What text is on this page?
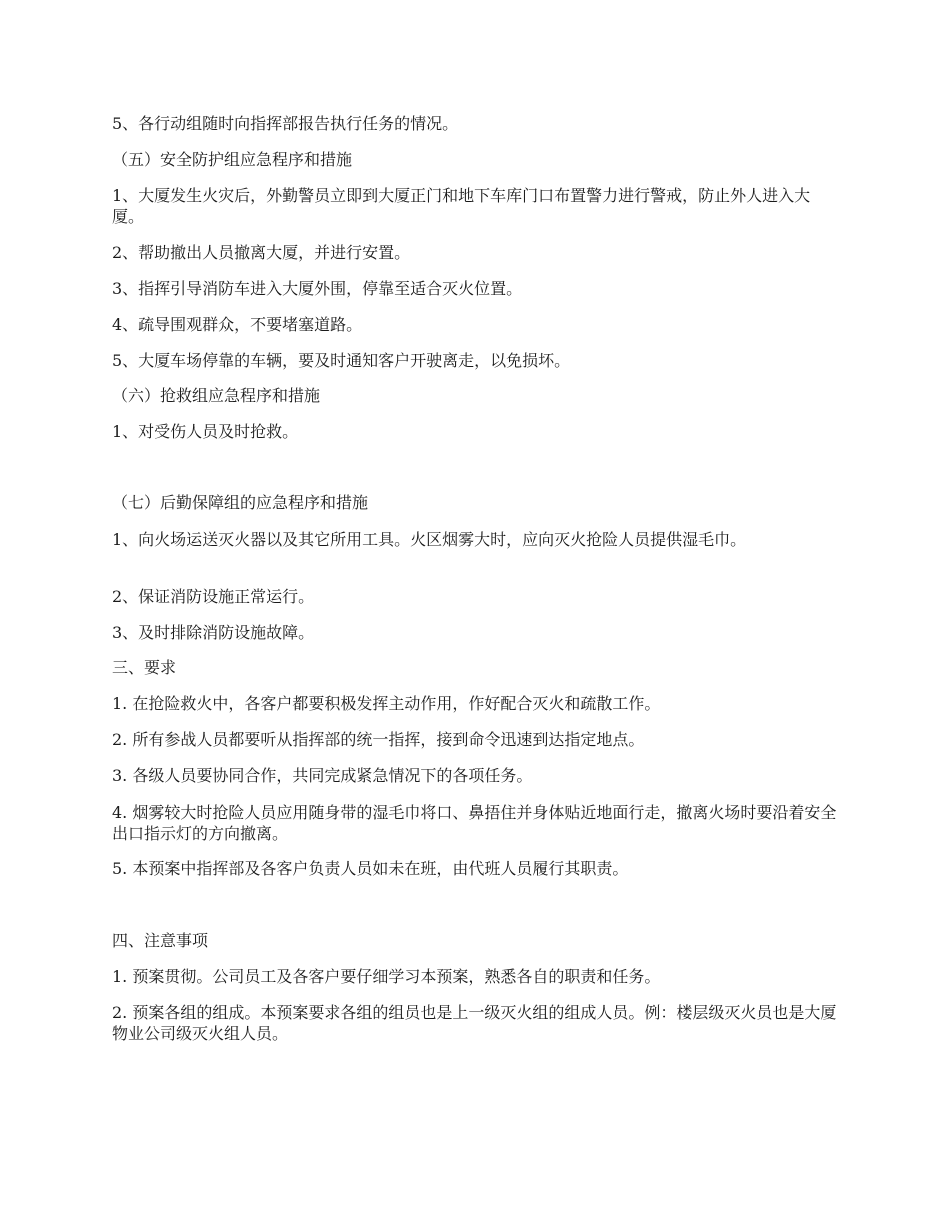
5、各行动组随时向指挥部报告执行任务的情况。

（五）安全防护组应急程序和措施

1、大厦发生火灾后，外勤警员立即到大厦正门和地下车库门口布置警力进行警戒，防止外人进入大厦。

2、帮助撤出人员撤离大厦，并进行安置。

3、指挥引导消防车进入大厦外围，停靠至适合灭火位置。

4、疏导围观群众，不要堵塞道路。

5、大厦车场停靠的车辆，要及时通知客户开驶离走，以免损坏。

（六）抢救组应急程序和措施

1、对受伤人员及时抢救。

（七）后勤保障组的应急程序和措施

1、向火场运送灭火器以及其它所用工具。火区烟雾大时，应向灭火抢险人员提供湿毛巾。

2、保证消防设施正常运行。

3、及时排除消防设施故障。

三、要求

1. 在抢险救火中，各客户都要积极发挥主动作用，作好配合灭火和疏散工作。

2. 所有参战人员都要听从指挥部的统一指挥，接到命令迅速到达指定地点。

3. 各级人员要协同合作，共同完成紧急情况下的各项任务。

4. 烟雾较大时抢险人员应用随身带的湿毛巾将口、鼻捂住并身体贴近地面行走，撤离火场时要沿着安全出口指示灯的方向撤离。

5. 本预案中指挥部及各客户负责人员如未在班，由代班人员履行其职责。

四、注意事项

1. 预案贯彻。公司员工及各客户要仔细学习本预案，熟悉各自的职责和任务。

2. 预案各组的组成。本预案要求各组的组员也是上一级灭火组的组成人员。例：楼层级灭火员也是大厦物业公司级灭火组人员。
